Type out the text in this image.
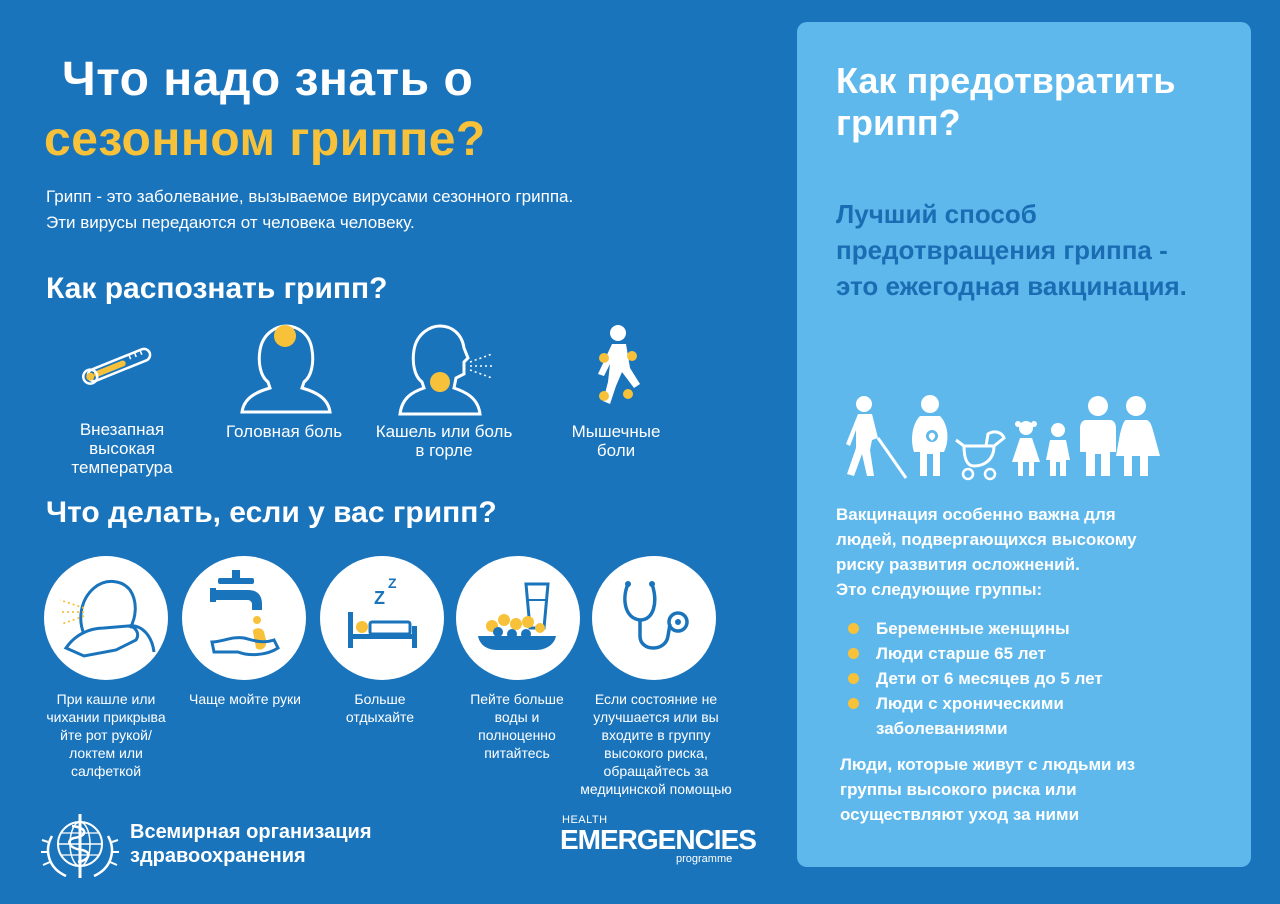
Что надо знать о
сезонном гриппе?
Грипп - это заболевание, вызываемое вирусами сезонного гриппа.
Эти вирусы передаются от человека человеку.
Как распознать грипп?
Внезапная
высокая
температура
Головная боль	Кашель или боль
в горле
Мышечные
боли
Что делать, если у вас грипп?
Z
Z
При кашле или
чихании прикрыва
йте рот рукой/
локтем или
салфеткой
Чаще мойте руки	Больше
отдыхайте
Пейте больше
воды и
полноценно
питайтесь
Если состояние не
улучшается или вы
входите в группу
высокого риска,
обращайтесь за
медицинской помощью
Всемирная организация
здравоохранения
HEALTH
EMERGENCIES
programme
Как предотвратить
грипп?
Лучший способ
предотвращения гриппа -
это ежегодная вакцинация.
Вакцинация особенно важна для
людей, подвергающихся высокому
риску развития осложнений.
Это следующие группы:
Беременные женщины
Люди старше 65 лет
Дети от 6 месяцев до 5 лет
Люди с хроническими
заболеваниями
Люди, которые живут с людьми из
группы высокого риска или
осуществляют уход за ними
